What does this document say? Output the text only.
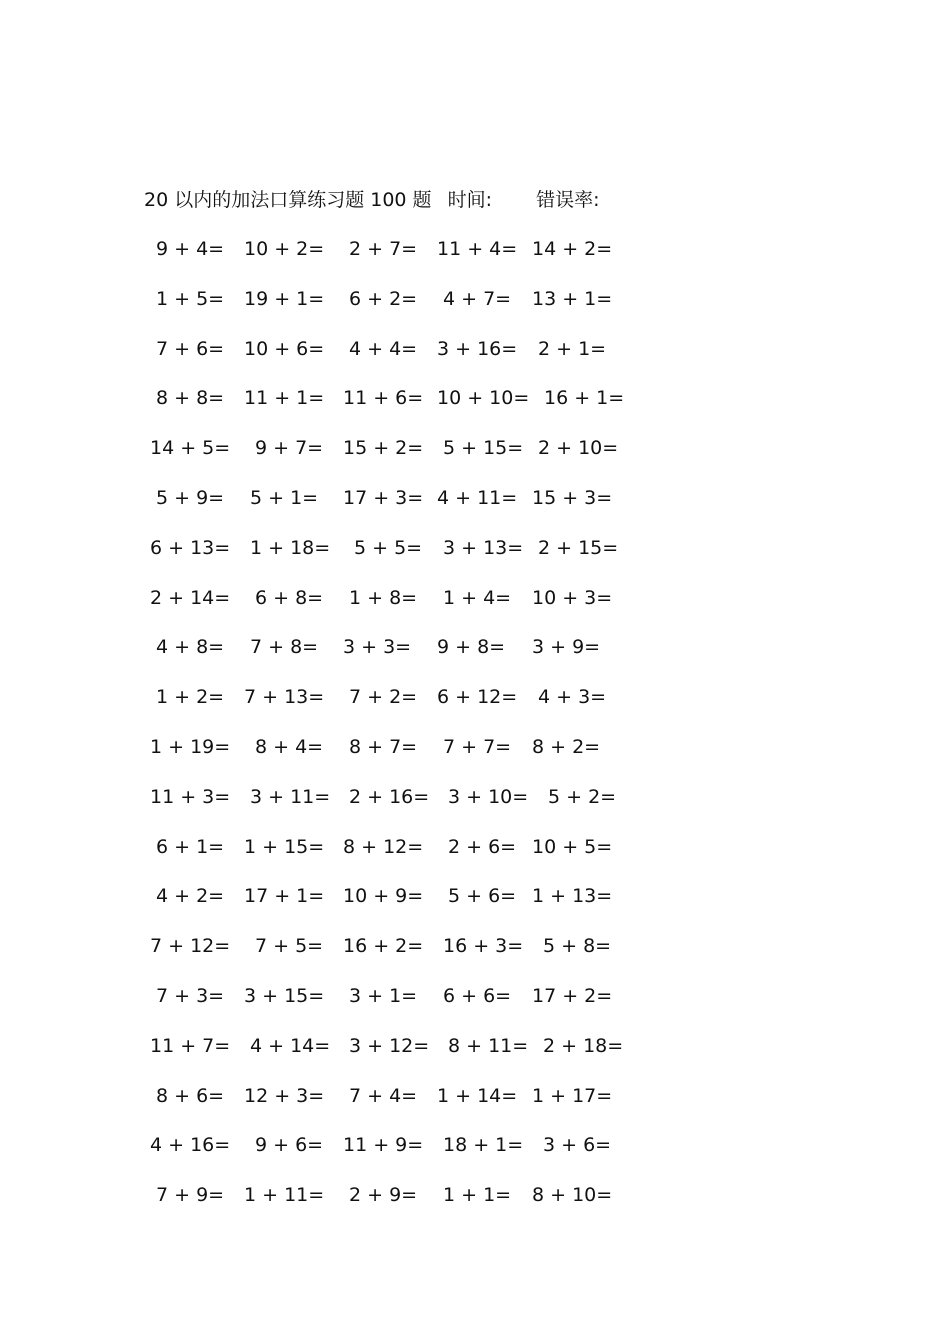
20 以内的加法口算练习题 100 题 时间: 错误率:
9 + 4= 10 + 2= 2 + 7= 11 + 4= 14 + 2=
1 + 5= 19 + 1= 6 + 2= 4 + 7= 13 + 1=
7 + 6= 10 + 6= 4 + 4= 3 + 16= 2 + 1=
8 + 8= 11 + 1= 11 + 6= 10 + 10= 16 + 1=
14 + 5= 9 + 7= 15 + 2= 5 + 15= 2 + 10=
5 + 9= 5 + 1= 17 + 3= 4 + 11= 15 + 3=
6 + 13= 1 + 18= 5 + 5= 3 + 13= 2 + 15=
2 + 14= 6 + 8= 1 + 8= 1 + 4= 10 + 3=
4 + 8= 7 + 8= 3 + 3= 9 + 8= 3 + 9=
1 + 2= 7 + 13= 7 + 2= 6 + 12= 4 + 3=
1 + 19= 8 + 4= 8 + 7= 7 + 7= 8 + 2=
11 + 3= 3 + 11= 2 + 16= 3 + 10= 5 + 2=
6 + 1= 1 + 15= 8 + 12= 2 + 6= 10 + 5=
4 + 2= 17 + 1= 10 + 9= 5 + 6= 1 + 13=
7 + 12= 7 + 5= 16 + 2= 16 + 3= 5 + 8=
7 + 3= 3 + 15= 3 + 1= 6 + 6= 17 + 2=
11 + 7= 4 + 14= 3 + 12= 8 + 11= 2 + 18=
8 + 6= 12 + 3= 7 + 4= 1 + 14= 1 + 17=
4 + 16= 9 + 6= 11 + 9= 18 + 1= 3 + 6=
7 + 9= 1 + 11= 2 + 9= 1 + 1= 8 + 10=
